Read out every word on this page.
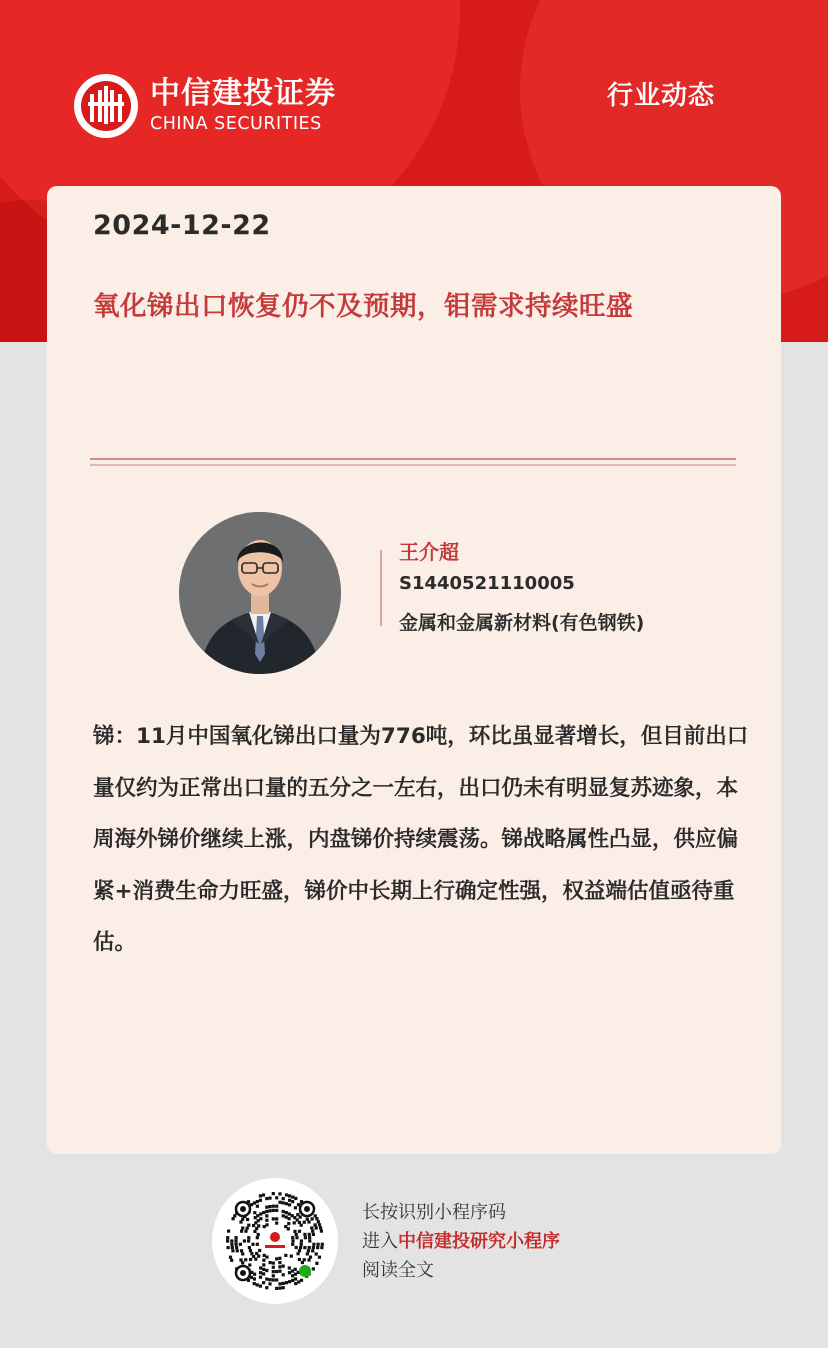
中信建投证券
CHINA SECURITIES
行业动态
2024-12-22
氧化锑出口恢复仍不及预期，钼需求持续旺盛
王介超
S1440521110005
金属和金属新材料(有色钢铁)
锑：11月中国氧化锑出口量为776吨，环比虽显著增长，但目前出口量仅约为正常出口量的五分之一左右，出口仍未有明显复苏迹象，本周海外锑价继续上涨，内盘锑价持续震荡。锑战略属性凸显，供应偏紧+消费生命力旺盛，锑价中长期上行确定性强，权益端估值亟待重估。
长按识别小程序码
进入中信建投研究小程序
阅读全文
